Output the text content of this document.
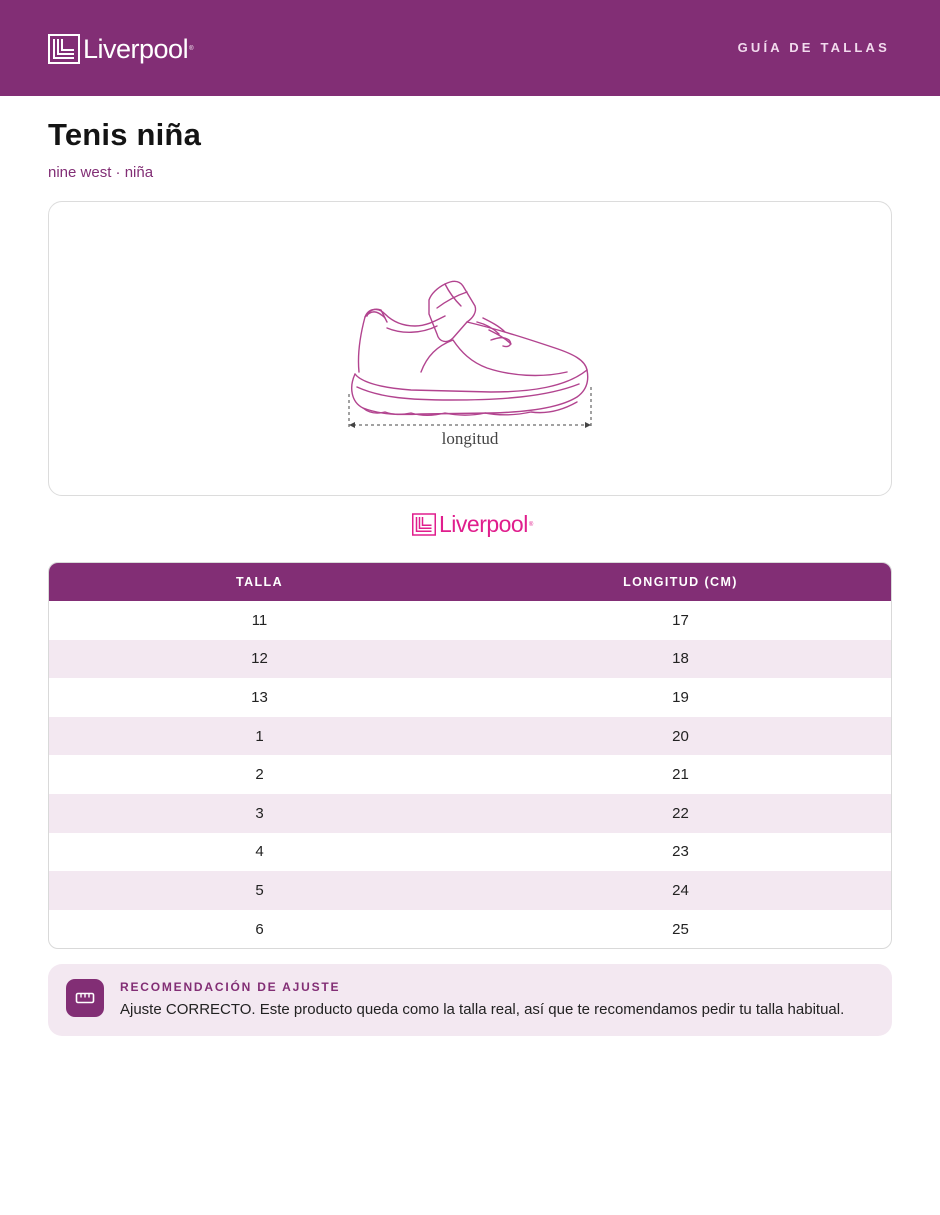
Liverpool ®	GUÍA DE TALLAS
Tenis niña
nine west · niña
longitud
Liverpool ®
TALLA	LONGITUD (CM)
11	17
12	18
13	19
1	20
2	21
3	22
4	23
5	24
6	25
RECOMENDACIÓN DE AJUSTE
Ajuste CORRECTO. Este producto queda como la talla real, así que te recomendamos pedir tu talla habitual.
